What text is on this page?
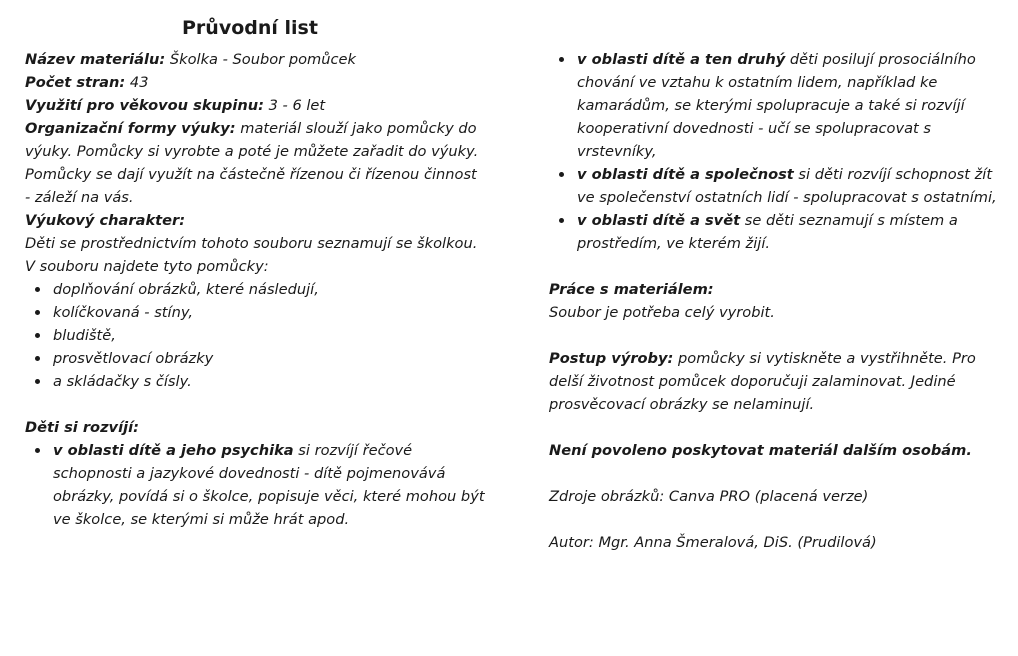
Průvodní list

Název materiálu: Školka - Soubor pomůcek

Počet stran: 43

Využití pro věkovou skupinu: 3 - 6 let

Organizační formy výuky: materiál slouží jako pomůcky do výuky. Pomůcky si vyrobte a poté je můžete zařadit do výuky. Pomůcky se dají využít na částečně řízenou či řízenou činnost - záleží na vás.

Výukový charakter:

Děti se prostřednictvím tohoto souboru seznamují se školkou.

V souboru najdete tyto pomůcky:

doplňování obrázků, které následují,
kolíčkovaná - stíny,
bludiště,
prosvětlovací obrázky
a skládačky s čísly.

Děti si rozvíjí:

v oblasti dítě a jeho psychika si rozvíjí řečové schopnosti a jazykové dovednosti - dítě pojmenovává obrázky, povídá si o školce, popisuje věci, které mohou být ve školce, se kterými si může hrát apod.
v oblasti dítě a ten druhý děti posilují prosociálního chování ve vztahu k ostatním lidem, například ke kamarádům, se kterými spolupracuje a také si rozvíjí kooperativní dovednosti - učí se spolupracovat s vrstevníky,
v oblasti dítě a společnost si děti rozvíjí schopnost žít ve společenství ostatních lidí - spolupracovat s ostatními,
v oblasti dítě a svět se děti seznamují s místem a prostředím, ve kterém žijí.

Práce s materiálem:

Soubor je potřeba celý vyrobit.

Postup výroby: pomůcky si vytiskněte a vystřihněte. Pro delší životnost pomůcek doporučuji zalaminovat. Jediné prosvěcovací obrázky se nelaminují.

Není povoleno poskytovat materiál dalším osobám.

Zdroje obrázků: Canva PRO (placená verze)

Autor: Mgr. Anna Šmeralová, DiS. (Prudilová)
